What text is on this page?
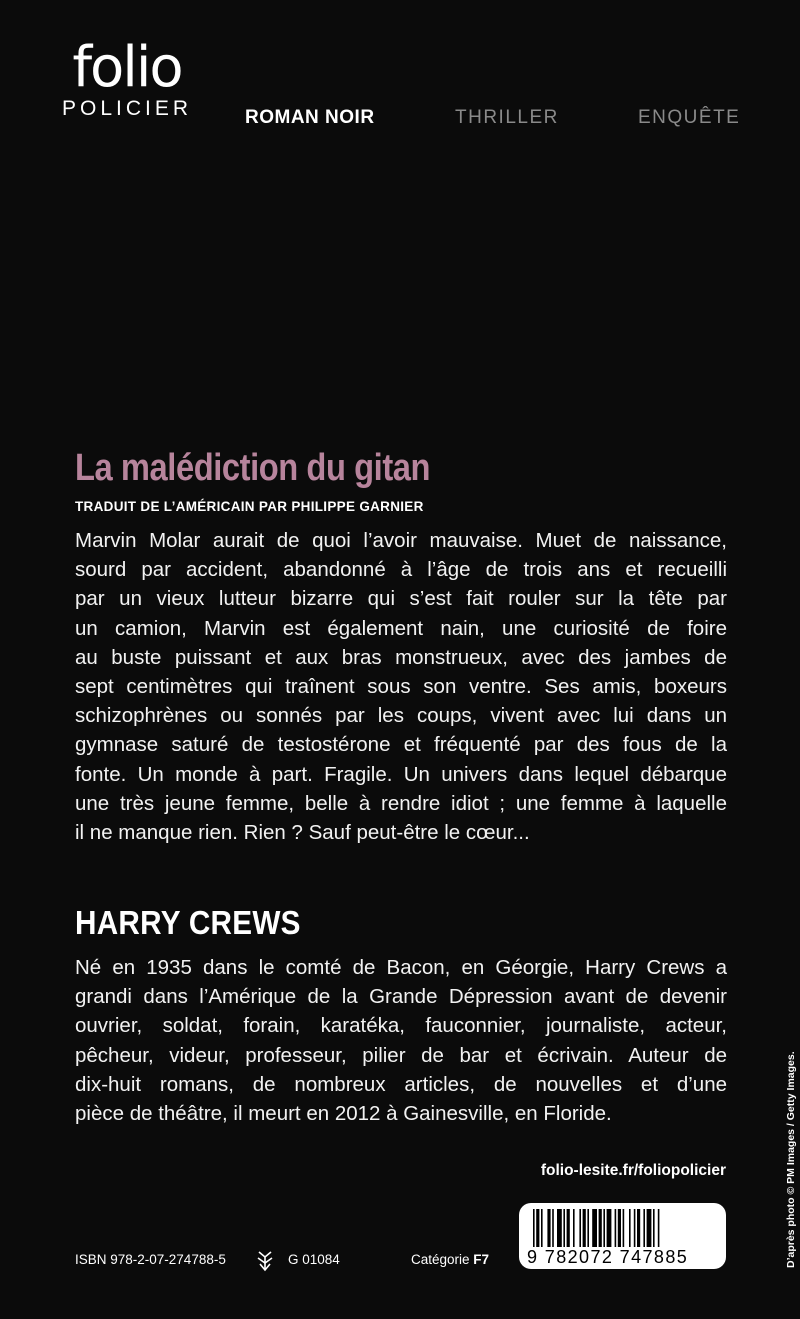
folio
POLICIER	ROMAN NOIR	THRILLER	ENQUÊTE
La malédiction du gitan
TRADUIT DE L’AMÉRICAIN PAR PHILIPPE GARNIER
Marvin Molar aurait de quoi l’avoir mauvaise. Muet de naissance,
sourd par accident, abandonné à l’âge de trois ans et recueilli
par un vieux lutteur bizarre qui s’est fait rouler sur la tête par
un camion, Marvin est également nain, une curiosité de foire
au buste puissant et aux bras monstrueux, avec des jambes de
sept centimètres qui traînent sous son ventre. Ses amis, boxeurs
schizophrènes ou sonnés par les coups, vivent avec lui dans un
gymnase saturé de testostérone et fréquenté par des fous de la
fonte. Un monde à part. Fragile. Un univers dans lequel débarque
une très jeune femme, belle à rendre idiot ; une femme à laquelle
il ne manque rien. Rien ? Sauf peut-être le cœur...
HARRY CREWS
Né en 1935 dans le comté de Bacon, en Géorgie, Harry Crews a
grandi dans l’Amérique de la Grande Dépression avant de devenir
ouvrier, soldat, forain, karatéka, fauconnier, journaliste, acteur,
pêcheur, videur, professeur, pilier de bar et écrivain. Auteur de
dix-huit romans, de nombreux articles, de nouvelles et d’une
pièce de théâtre, il meurt en 2012 à Gainesville, en Floride.
folio-lesite.fr/foliopolicier
9 782072 747885
ISBN 978-2-07-274788-5	G 01084	Catégorie F7	D’après photo © PM Images / Getty Images.
